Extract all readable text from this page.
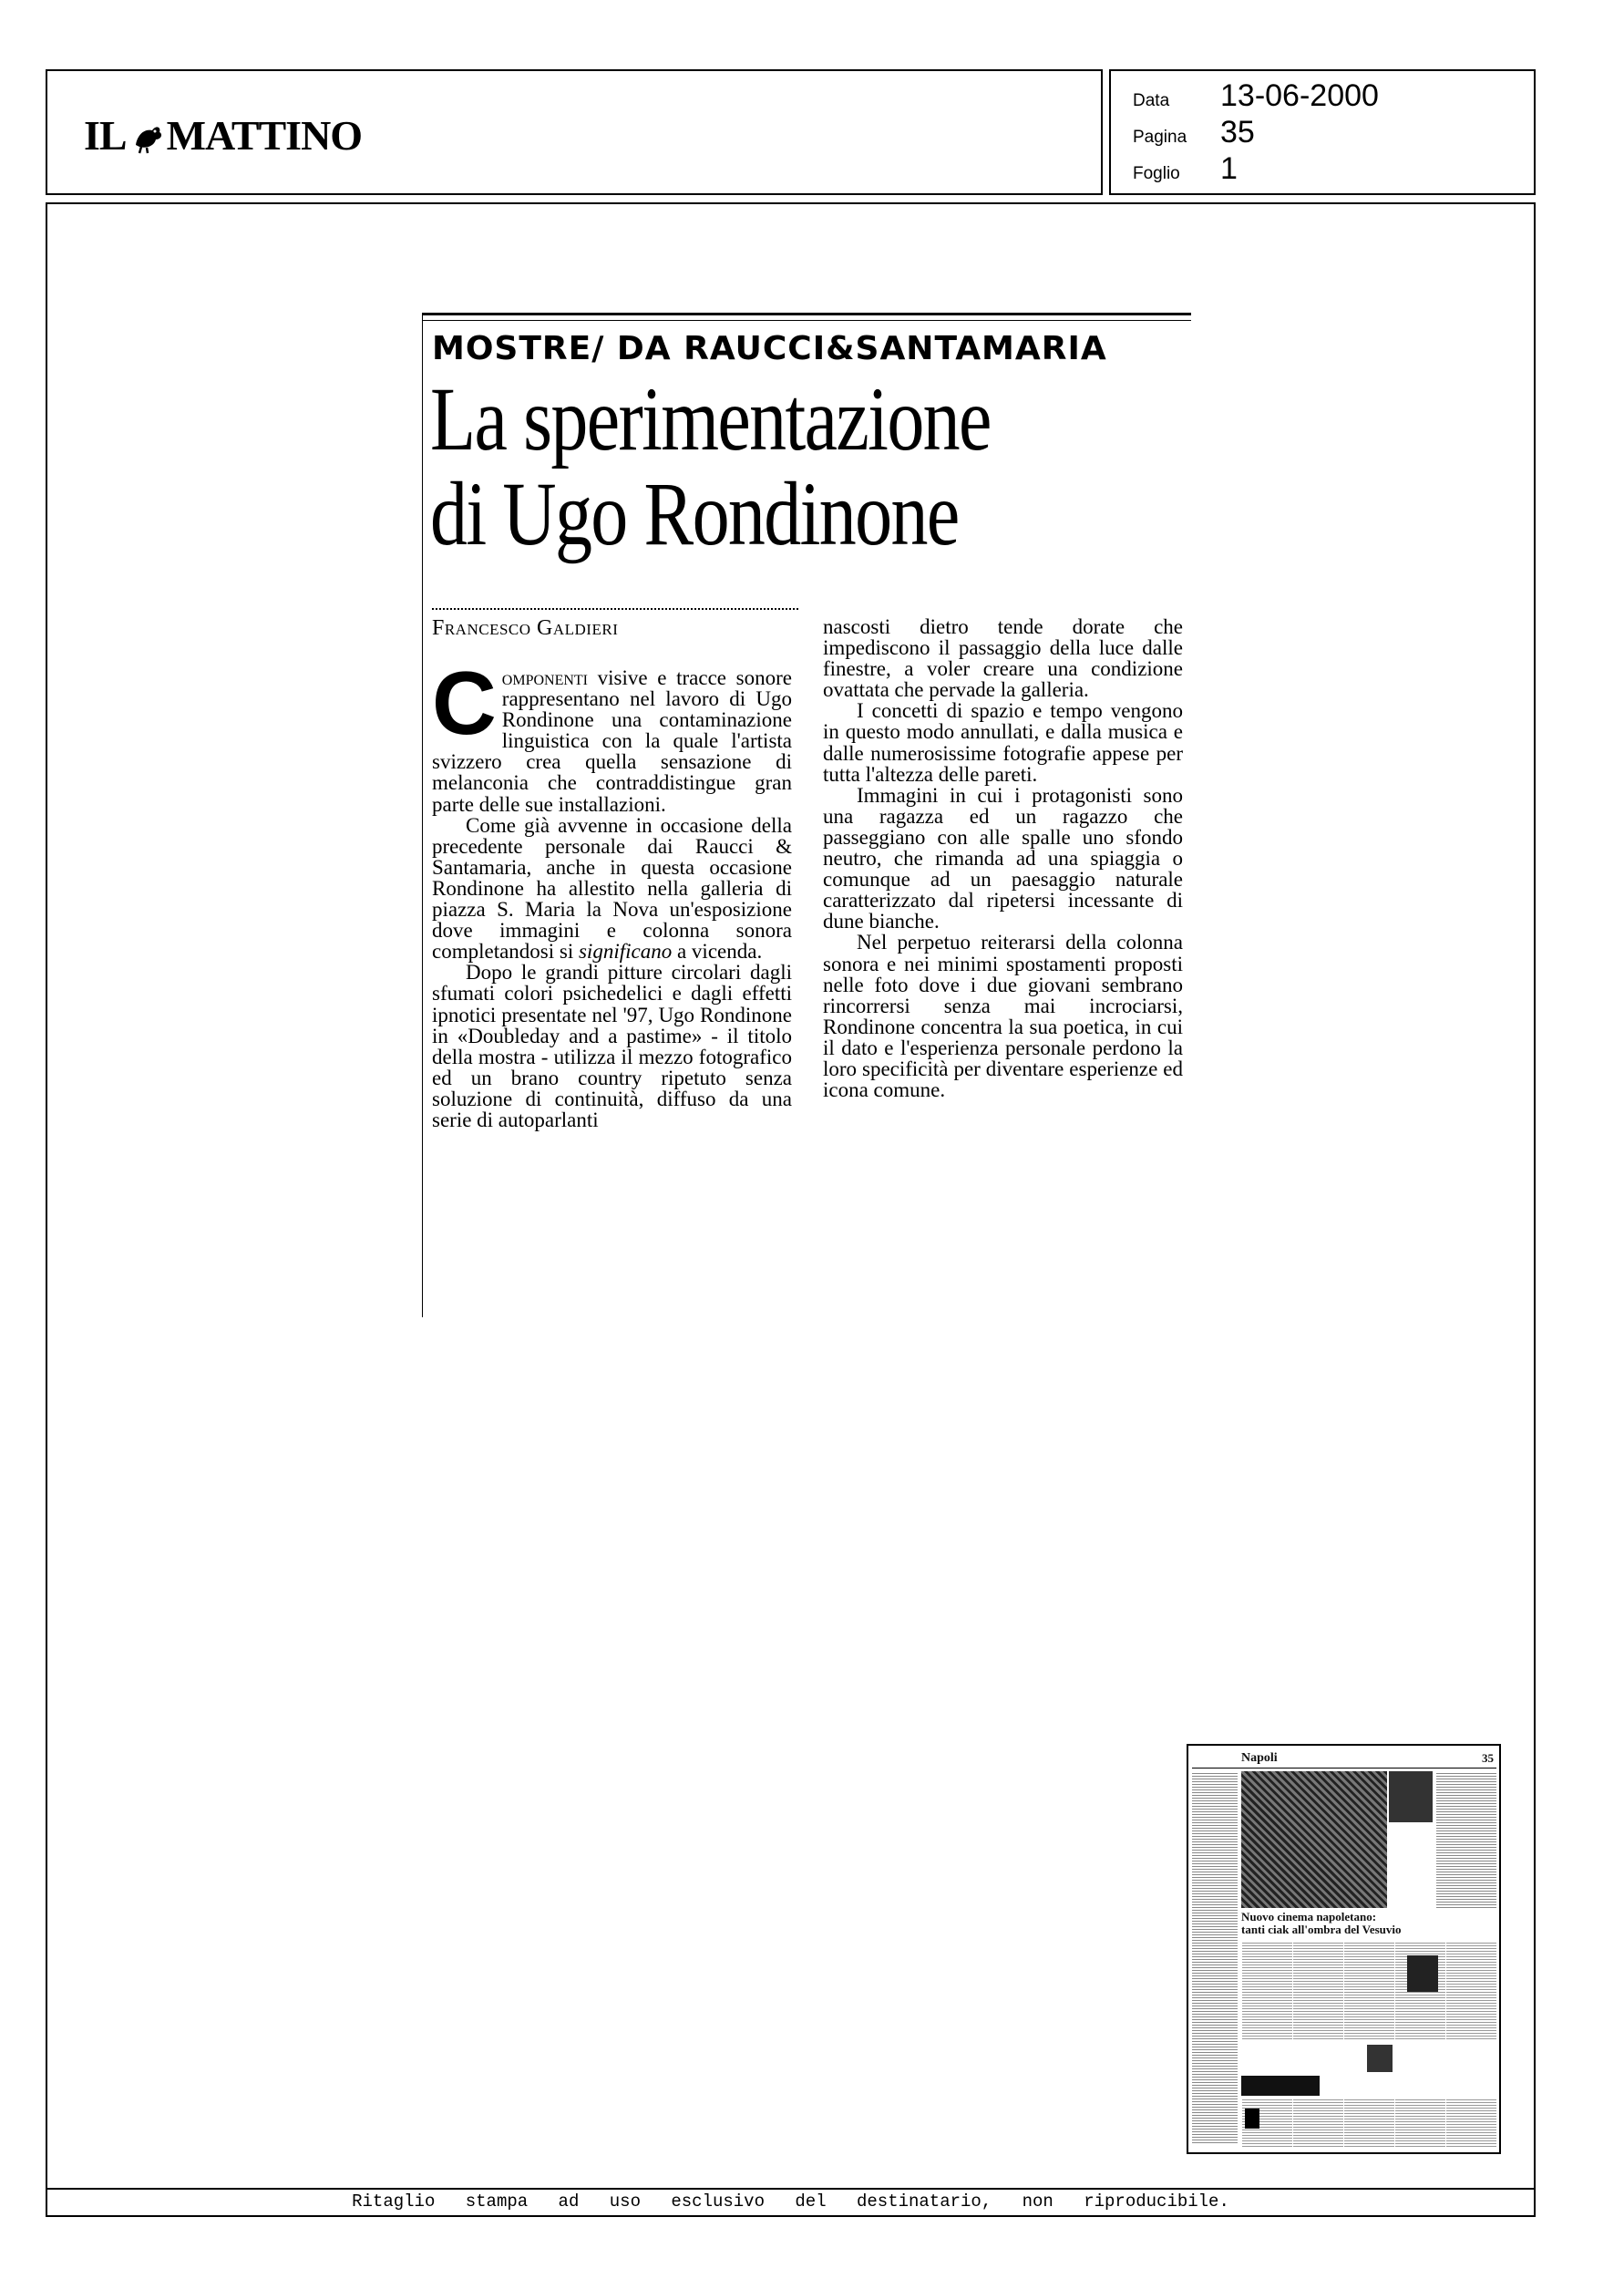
IL MATTINO
Data	13-06-2000
Pagina	35
Foglio	1
MOSTRE/ DA RAUCCI&SANTAMARIA
La sperimentazione
di Ugo Rondinone
Francesco Galdieri

Componenti visive e tracce sonore rappresentano nel lavoro di Ugo Rondinone una contaminazione linguistica con la quale l'artista svizzero crea quella sensazione di melanconia che contraddistingue gran parte delle sue installazioni.

Come già avvenne in occasione della precedente personale dai Raucci & Santamaria, anche in questa occasione Rondinone ha allestito nella galleria di piazza S. Maria la Nova un'esposizione dove immagini e colonna sonora completandosi si significano a vicenda.

Dopo le grandi pitture circolari dagli sfumati colori psichedelici e dagli effetti ipnotici presentate nel '97, Ugo Rondinone in «Doubleday and a pastime» - il titolo della mostra - utilizza il mezzo fotografico ed un brano country ripetuto senza soluzione di continuità, diffuso da una serie di autoparlanti

nascosti dietro tende dorate che impediscono il passaggio della luce dalle finestre, a voler creare una condizione ovattata che pervade la galleria.

I concetti di spazio e tempo vengono in questo modo annullati, e dalla musica e dalle numerosissime fotografie appese per tutta l'altezza delle pareti.

Immagini in cui i protagonisti sono una ragazza ed un ragazzo che passeggiano con alle spalle uno sfondo neutro, che rimanda ad una spiaggia o comunque ad un paesaggio naturale caratterizzato dal ripetersi incessante di dune bianche.

Nel perpetuo reiterarsi della colonna sonora e nei minimi spostamenti proposti nelle foto dove i due giovani sembrano rincorrersi senza mai incrociarsi, Rondinone concentra la sua poetica, in cui il dato e l'esperienza personale perdono la loro specificità per diventare esperienze ed icona comune.

Napoli	35
Nuovo cinema napoletano:
tanti ciak all'ombra del Vesuvio
Ritaglio stampa ad uso esclusivo del destinatario, non riproducibile.
